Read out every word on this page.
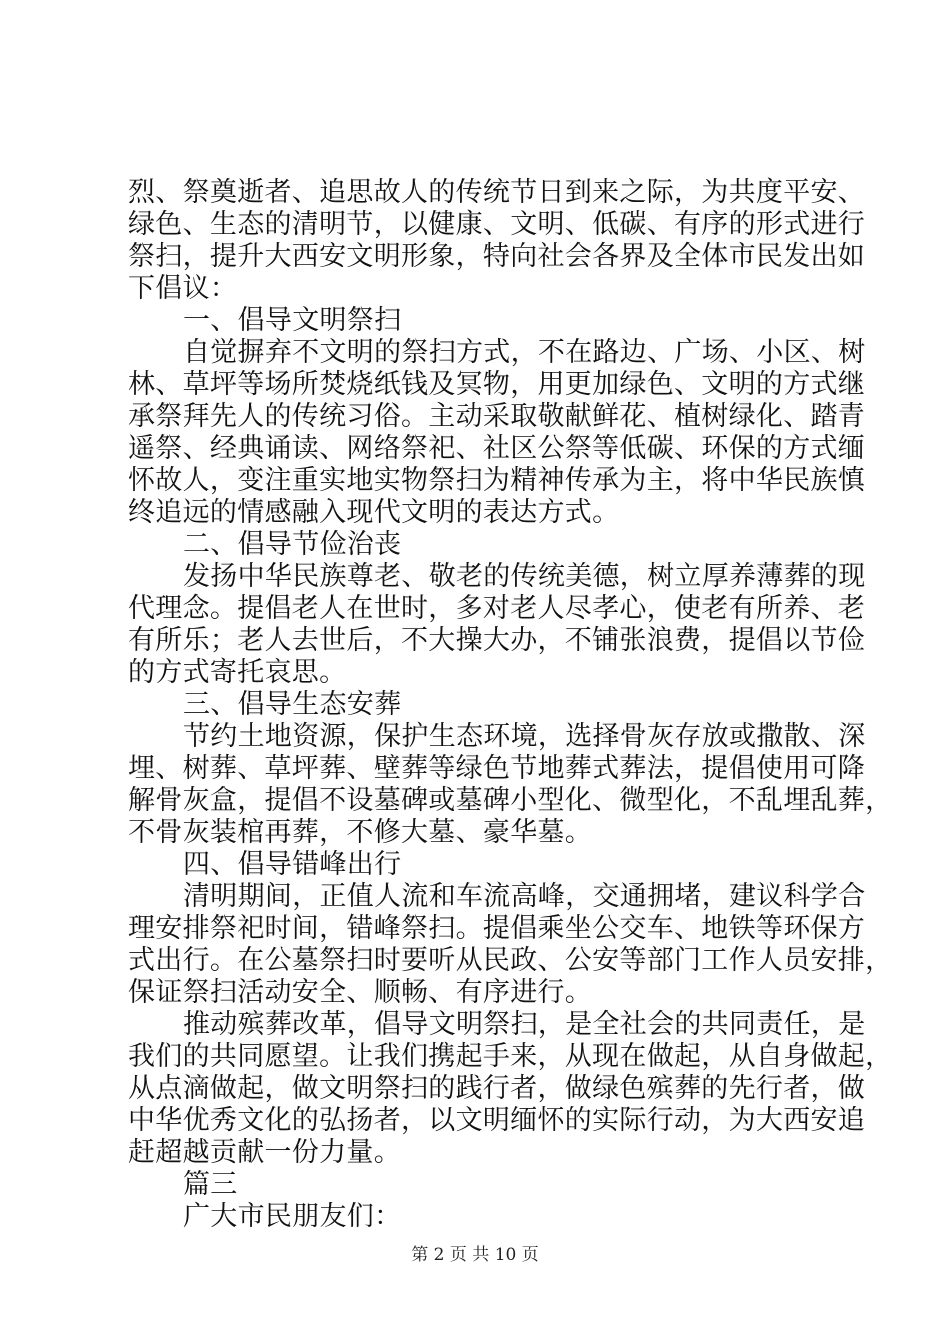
烈、祭奠逝者、追思故人的传统节日到来之际，为共度平安、
绿色、生态的清明节，以健康、文明、低碳、有序的形式进行
祭扫，提升大西安文明形象，特向社会各界及全体市民发出如
下倡议：
一、倡导文明祭扫
自觉摒弃不文明的祭扫方式，不在路边、广场、小区、树
林、草坪等场所焚烧纸钱及冥物，用更加绿色、文明的方式继
承祭拜先人的传统习俗。主动采取敬献鲜花、植树绿化、踏青
遥祭、经典诵读、网络祭祀、社区公祭等低碳、环保的方式缅
怀故人，变注重实地实物祭扫为精神传承为主，将中华民族慎
终追远的情感融入现代文明的表达方式。
二、倡导节俭治丧
发扬中华民族尊老、敬老的传统美德，树立厚养薄葬的现
代理念。提倡老人在世时，多对老人尽孝心，使老有所养、老
有所乐；老人去世后，不大操大办，不铺张浪费，提倡以节俭
的方式寄托哀思。
三、倡导生态安葬
节约土地资源，保护生态环境，选择骨灰存放或撒散、深
埋、树葬、草坪葬、壁葬等绿色节地葬式葬法，提倡使用可降
解骨灰盒，提倡不设墓碑或墓碑小型化、微型化，不乱埋乱葬，
不骨灰装棺再葬，不修大墓、豪华墓。
四、倡导错峰出行
清明期间，正值人流和车流高峰，交通拥堵，建议科学合
理安排祭祀时间，错峰祭扫。提倡乘坐公交车、地铁等环保方
式出行。在公墓祭扫时要听从民政、公安等部门工作人员安排，
保证祭扫活动安全、顺畅、有序进行。
推动殡葬改革，倡导文明祭扫，是全社会的共同责任，是
我们的共同愿望。让我们携起手来，从现在做起，从自身做起，
从点滴做起，做文明祭扫的践行者，做绿色殡葬的先行者，做
中华优秀文化的弘扬者，以文明缅怀的实际行动，为大西安追
赶超越贡献一份力量。
篇三
广大市民朋友们：
第 2 页 共 10 页
